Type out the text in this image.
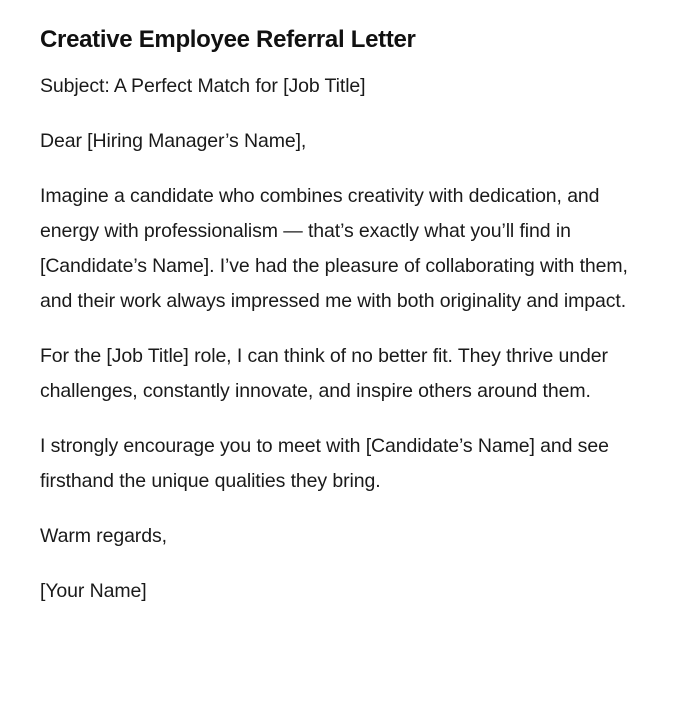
Creative Employee Referral Letter

Subject: A Perfect Match for [Job Title]

Dear [Hiring Manager’s Name],

Imagine a candidate who combines creativity with dedication, and energy with professionalism — that’s exactly what you’ll find in [Candidate’s Name]. I’ve had the pleasure of collaborating with them, and their work always impressed me with both originality and impact.

For the [Job Title] role, I can think of no better fit. They thrive under challenges, constantly innovate, and inspire others around them.

I strongly encourage you to meet with [Candidate’s Name] and see firsthand the unique qualities they bring.

Warm regards,

[Your Name]
